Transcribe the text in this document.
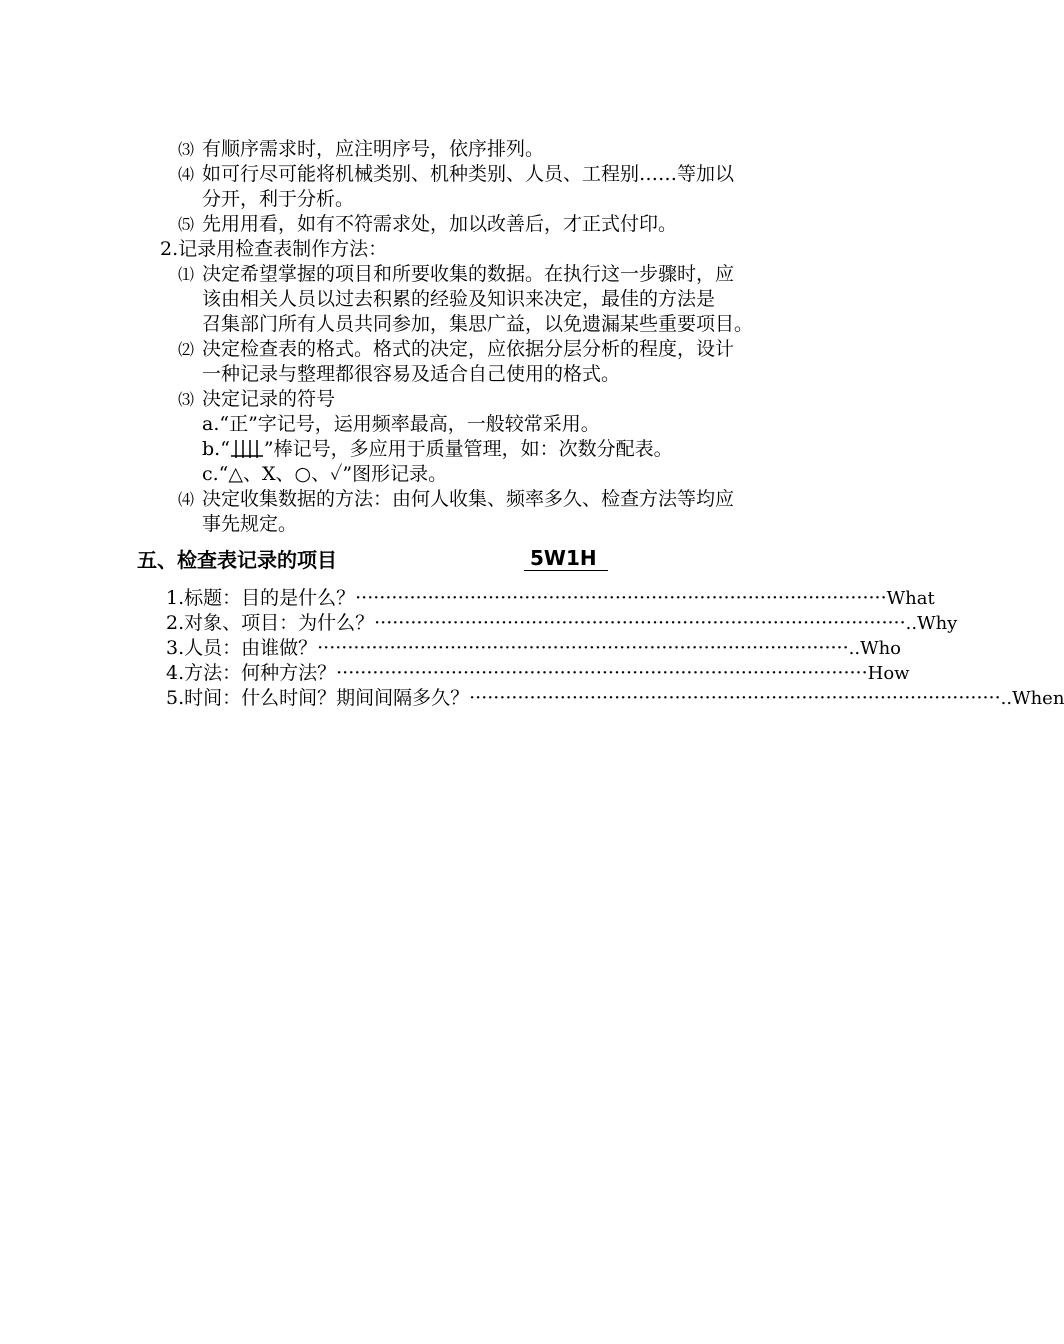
⑶ 有顺序需求时，应注明序号，依序排列。
⑷ 如可行尽可能将机械类别、机种类别、人员、工程别……等加以
分开，利于分析。
⑸ 先用用看，如有不符需求处，加以改善后，才正式付印。
2.记录用检查表制作方法：
⑴ 决定希望掌握的项目和所要收集的数据。在执行这一步骤时，应
该由相关人员以过去积累的经验及知识来决定，最佳的方法是
召集部门所有人员共同参加，集思广益，以免遗漏某些重要项目。
⑵ 决定检查表的格式。格式的决定，应依据分层分析的程度，设计
一种记录与整理都很容易及适合自己使用的格式。
⑶ 决定记录的符号
a.“正”字记号，运用频率最高，一般较常采用。
b.“ ”棒记号，多应用于质量管理，如：次数分配表。
c.“△、X、○、✓”图形记录。
⑷ 决定收集数据的方法：由何人收集、频率多久、检查方法等均应
事先规定。
五、检查表记录的项目	5W1H
1.标题：目的是什么？ ························································································ What
2.对象、项目：为什么？ ························································································ ..Why
3.人员：由谁做？ ························································································ ..Who
4.方法：何种方法？ ························································································ How
5.时间：什么时间？期间间隔多久？ ························································································ ..When
